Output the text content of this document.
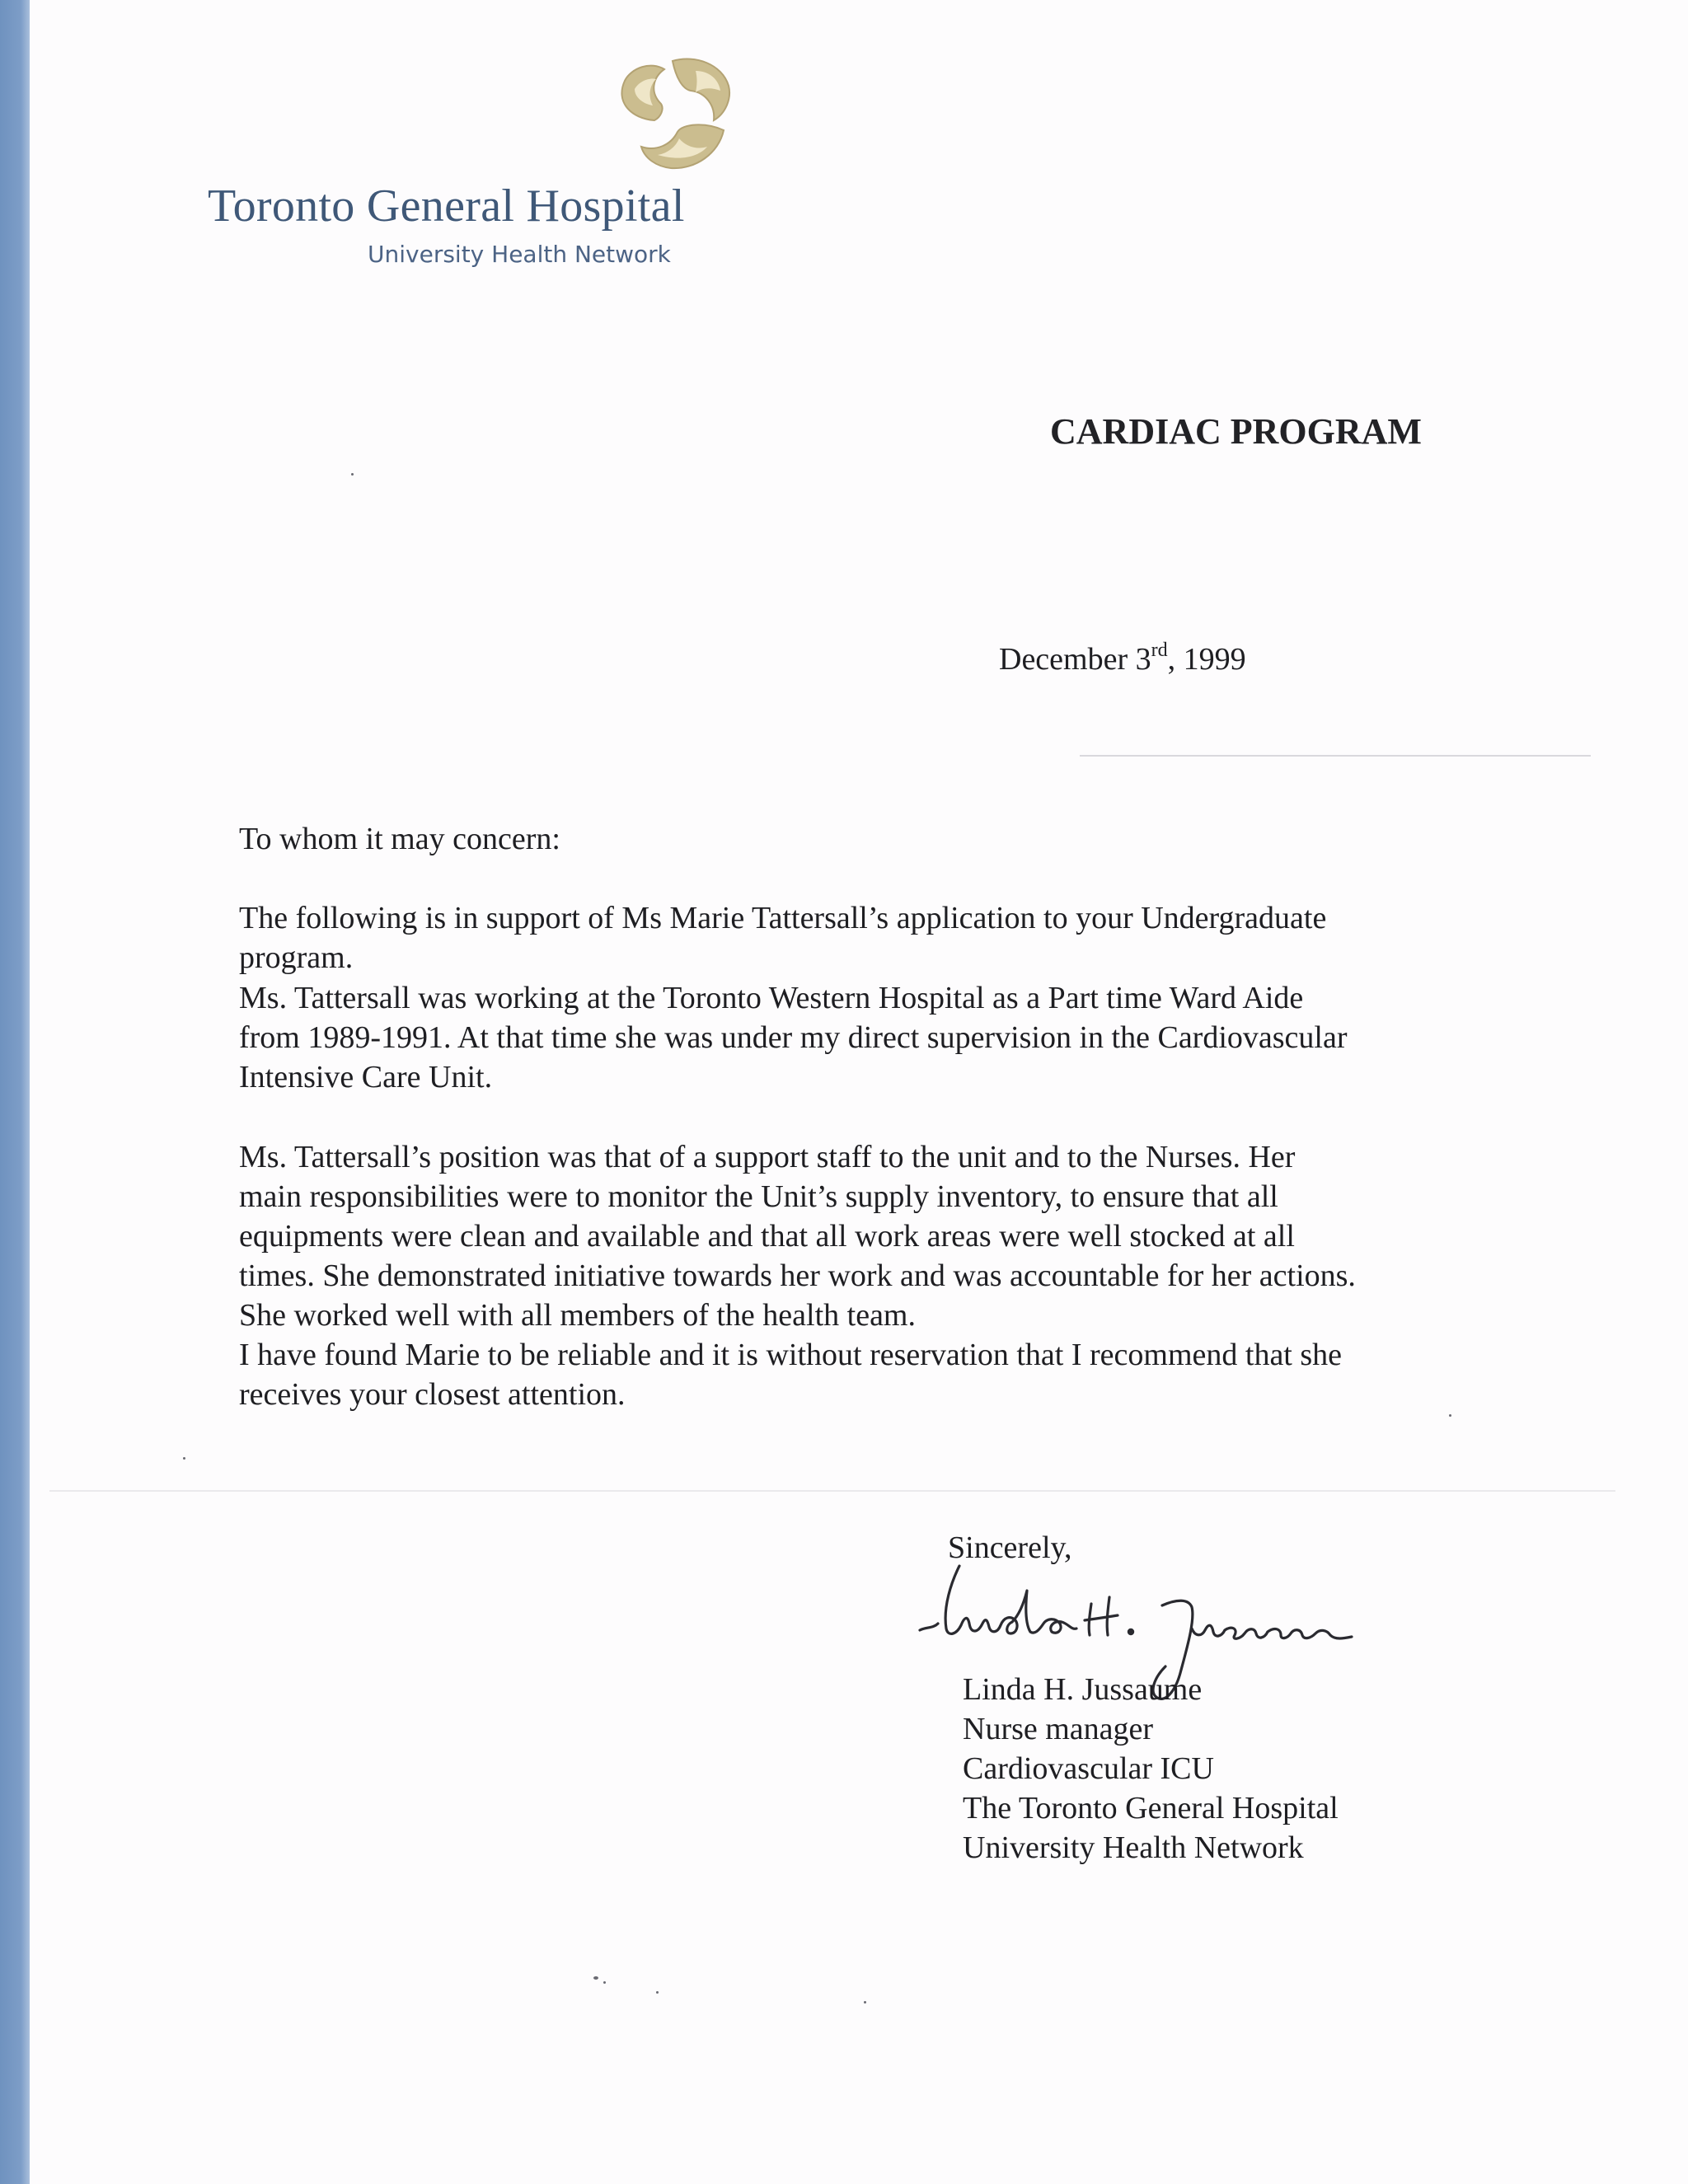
Toronto General Hospital
University Health Network
CARDIAC PROGRAM
December 3rd, 1999
To whom it may concern:
The following is in support of Ms Marie Tattersall’s application to your Undergraduate
program.
Ms. Tattersall was working at the Toronto Western Hospital as a Part time Ward Aide
from 1989-1991. At that time she was under my direct supervision in the Cardiovascular
Intensive Care Unit.
Ms. Tattersall’s position was that of a support staff to the unit and to the Nurses. Her
main responsibilities were to monitor the Unit’s supply inventory, to ensure that all
equipments were clean and available and that all work areas were well stocked at all
times. She demonstrated initiative towards her work and was accountable for her actions.
She worked well with all members of the health team.
I have found Marie to be reliable and it is without reservation that I recommend that she
receives your closest attention.
Sincerely,
Linda H. Jussaume
Nurse manager
Cardiovascular ICU
The Toronto General Hospital
University Health Network
